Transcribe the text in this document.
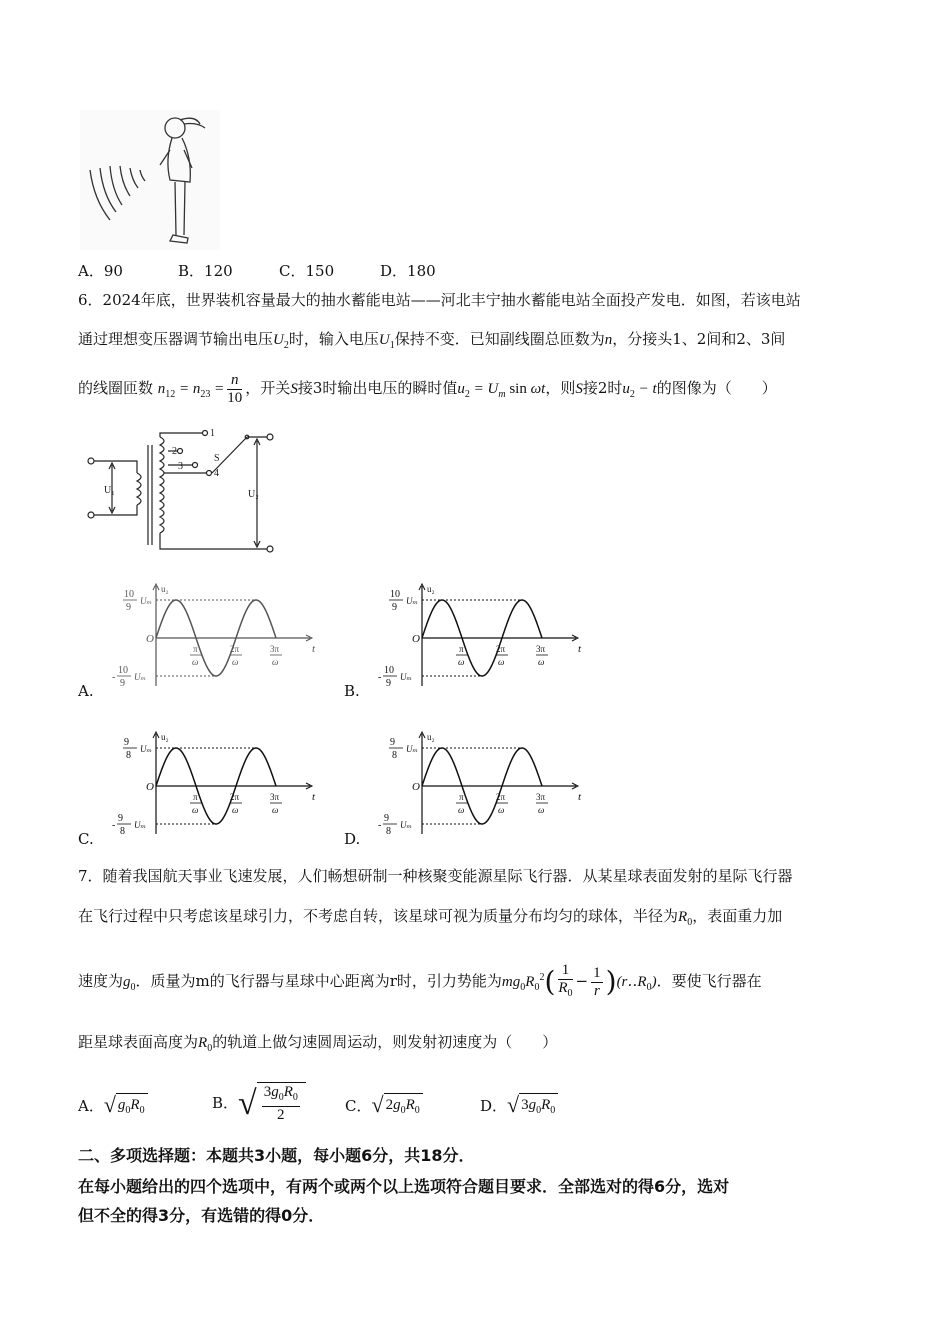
A．90	B．120	C．150	D．180
6．2024年底，世界装机容量最大的抽水蓄能电站——河北丰宁抽水蓄能电站全面投产发电．如图，若该电站
通过理想变压器调节输出电压$U_2$时，输入电压$U_1$保持不变．已知副线圈总匝数为n，分接头1、2间和2、3间
的线圈匝数 $n_{12} = n_{23} = \frac{n}{10}$ ，开关S接3时输出电压的瞬时值$u_2 = U_m$ sin ωt，则S接2时$u_2 - t$的图像为（　　）
1
2
3
4
S
U₁	U₂
A.	B.
C.	D.
u₂
O
t
10
9
Uₘ
-
10
9
Uₘ
π
ω
2π
ω
3π
ω
u₂
O
t
10
9
Uₘ
-
10
9
Uₘ
π
ω
2π
ω
3π
ω
u₂
O
t
9
8
Uₘ
-
9
8
Uₘ
π
ω
2π
ω
3π
ω
u₂
O
t
9
8
Uₘ
-
9
8
Uₘ
π
ω
2π
ω
3π
ω
7．随着我国航天事业飞速发展，人们畅想研制一种核聚变能源星际飞行器．从某星球表面发射的星际飞行器
在飞行过程中只考虑该星球引力，不考虑自转，该星球可视为质量分布均匀的球体，半径为$R_0$，表面重力加
速度为$g_0$．质量为m的飞行器与星球中心距离为r时，引力势能为$mg_0R_0^2( \frac{1}{R_0} - \frac{1}{r}$ )$(r‥R_0)$．要使飞行器在
距星球表面高度为$R_0$的轨道上做匀速圆周运动，则发射初速度为（　　）
A． √ $g_0R_0$	B． √ $\frac{3g_0R_0}{2}$	C． √ $2g_0R_0$	D． √ $3g_0R_0$
二、多项选择题：本题共3小题，每小题6分，共18分．
在每小题给出的四个选项中，有两个或两个以上选项符合题目要求．全部选对的得6分，选对
但不全的得3分，有选错的得0分．
